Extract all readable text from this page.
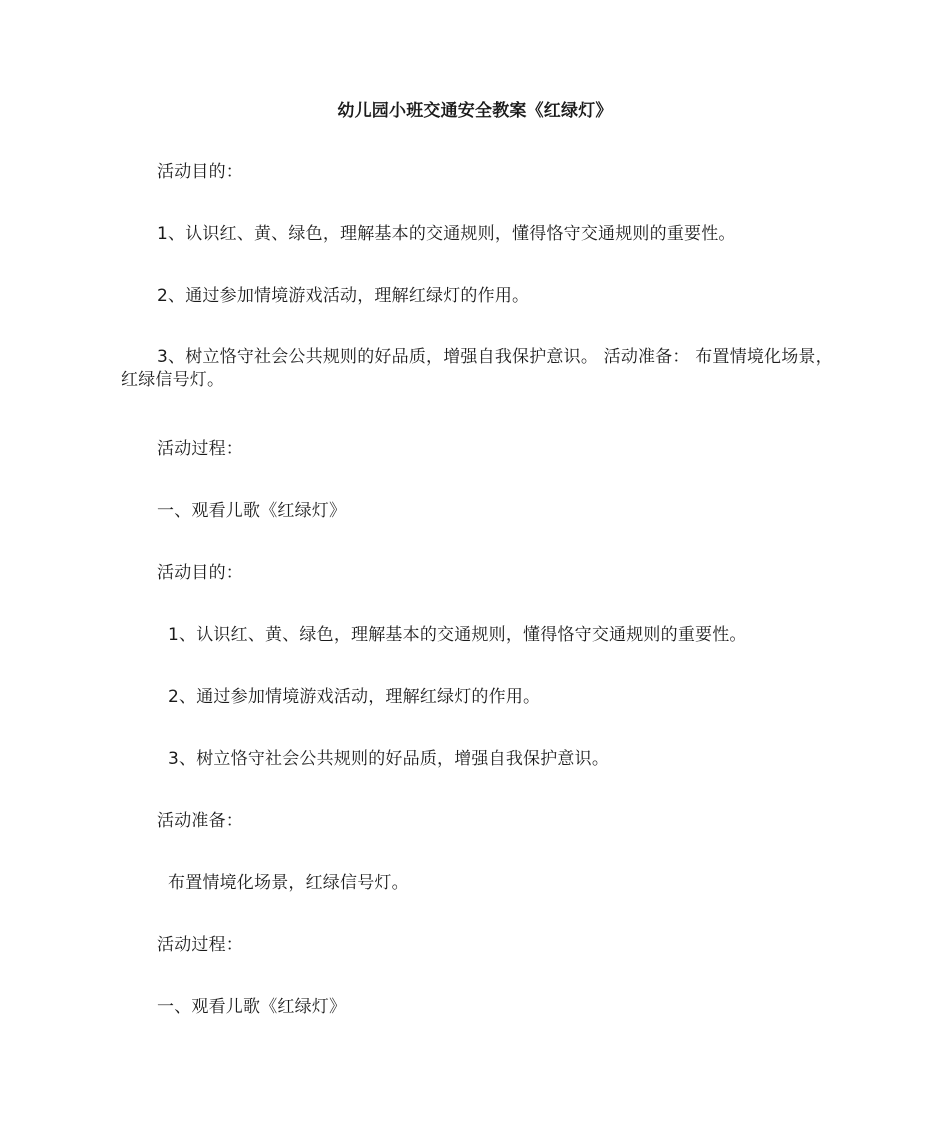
幼儿园小班交通安全教案《红绿灯》
活动目的：
1、认识红、黄、绿色，理解基本的交通规则，懂得恪守交通规则的重要性。
2、通过参加情境游戏活动，理解红绿灯的作用。
3、树立恪守社会公共规则的好品质，增强自我保护意识。 活动准备： 布置情境化场景，红绿信号灯。
活动过程：
一、观看儿歌《红绿灯》
活动目的：
1、认识红、黄、绿色，理解基本的交通规则，懂得恪守交通规则的重要性。
2、通过参加情境游戏活动，理解红绿灯的作用。
3、树立恪守社会公共规则的好品质，增强自我保护意识。
活动准备：
布置情境化场景，红绿信号灯。
活动过程：
一、观看儿歌《红绿灯》
